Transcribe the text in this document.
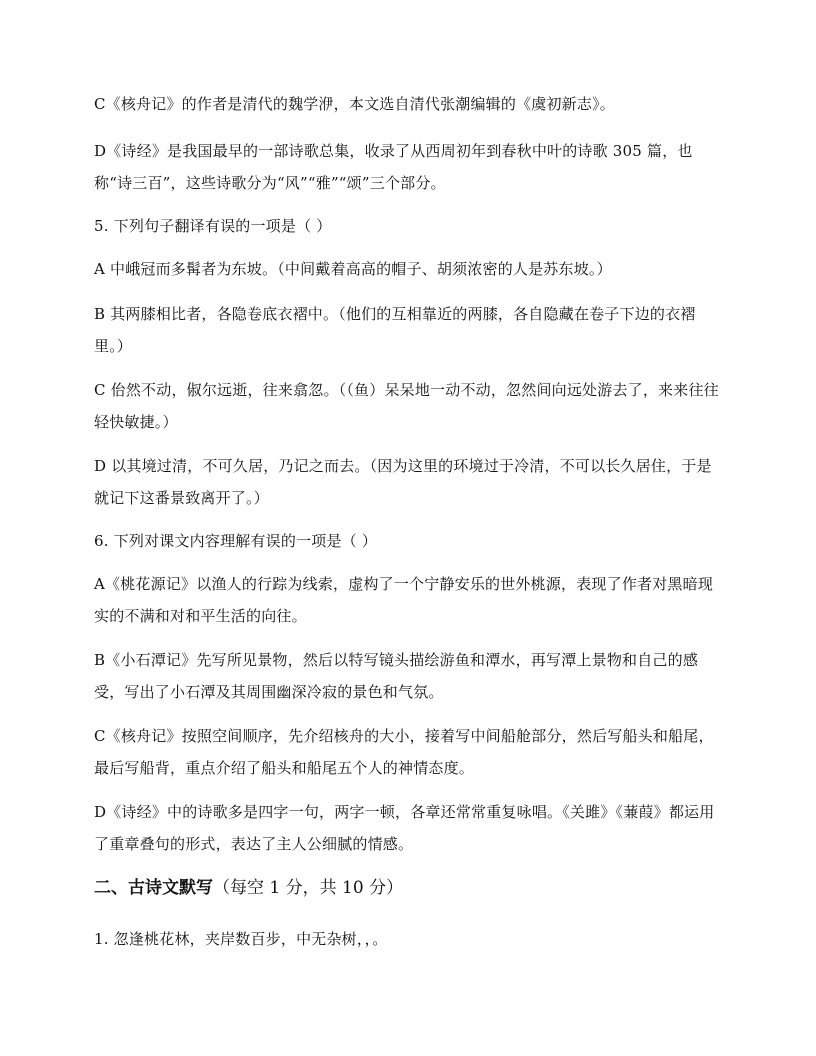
C《核舟记》的作者是清代的魏学洢，本文选自清代张潮编辑的《虞初新志》。
D《诗经》是我国最早的一部诗歌总集，收录了从西周初年到春秋中叶的诗歌 305 篇，也称“诗三百”，这些诗歌分为“风”“雅”“颂”三个部分。
5. 下列句子翻译有误的一项是（ ）
A 中峨冠而多髯者为东坡。（中间戴着高高的帽子、胡须浓密的人是苏东坡。）
B 其两膝相比者，各隐卷底衣褶中。（他们的互相靠近的两膝，各自隐藏在卷子下边的衣褶里。）
C 佁然不动，俶尔远逝，往来翕忽。（（鱼）呆呆地一动不动，忽然间向远处游去了，来来往往轻快敏捷。）
D 以其境过清，不可久居，乃记之而去。（因为这里的环境过于冷清，不可以长久居住，于是就记下这番景致离开了。）
6. 下列对课文内容理解有误的一项是（ ）
A《桃花源记》以渔人的行踪为线索，虚构了一个宁静安乐的世外桃源，表现了作者对黑暗现实的不满和对和平生活的向往。
B《小石潭记》先写所见景物，然后以特写镜头描绘游鱼和潭水，再写潭上景物和自己的感受，写出了小石潭及其周围幽深冷寂的景色和气氛。
C《核舟记》按照空间顺序，先介绍核舟的大小，接着写中间船舱部分，然后写船头和船尾，最后写船背，重点介绍了船头和船尾五个人的神情态度。
D《诗经》中的诗歌多是四字一句，两字一顿，各章还常常重复咏唱。《关雎》《蒹葭》都运用了重章叠句的形式，表达了主人公细腻的情感。
二、古诗文默写（每空 1 分，共 10 分）
1. 忽逢桃花林，夹岸数百步，中无杂树，，。
